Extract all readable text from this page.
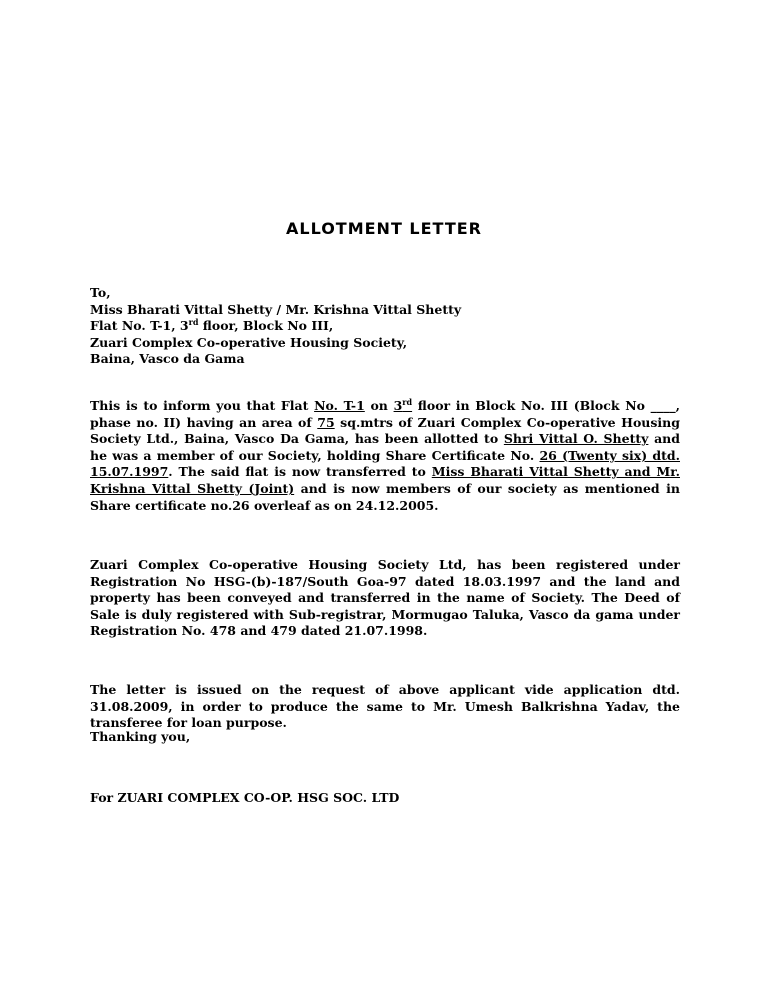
ALLOTMENT LETTER
To,
Miss Bharati Vittal Shetty / Mr. Krishna Vittal Shetty
Flat No. T-1, 3rd floor, Block No III,
Zuari Complex Co-operative Housing Society,
Baina, Vasco da Gama
This is to inform you that Flat No. T-1 on 3rd floor in Block No. III (Block No ____, phase no. II) having an area of 75 sq.mtrs of Zuari Complex Co-operative Housing Society Ltd., Baina, Vasco Da Gama, has been allotted to Shri Vittal O. Shetty and he was a member of our Society, holding Share Certificate No. 26 (Twenty six) dtd. 15.07.1997. The said flat is now transferred to Miss Bharati Vittal Shetty and Mr. Krishna Vittal Shetty (Joint) and is now members of our society as mentioned in Share certificate no.26 overleaf as on 24.12.2005.
Zuari Complex Co-operative Housing Society Ltd, has been registered under Registration No HSG-(b)-187/South Goa-97 dated 18.03.1997 and the land and property has been conveyed and transferred in the name of Society. The Deed of Sale is duly registered with Sub-registrar, Mormugao Taluka, Vasco da gama under Registration No. 478 and 479 dated 21.07.1998.
The letter is issued on the request of above applicant vide application dtd. 31.08.2009, in order to produce the same to Mr. Umesh Balkrishna Yadav, the transferee for loan purpose.
Thanking you,
For ZUARI COMPLEX CO-OP. HSG SOC. LTD
